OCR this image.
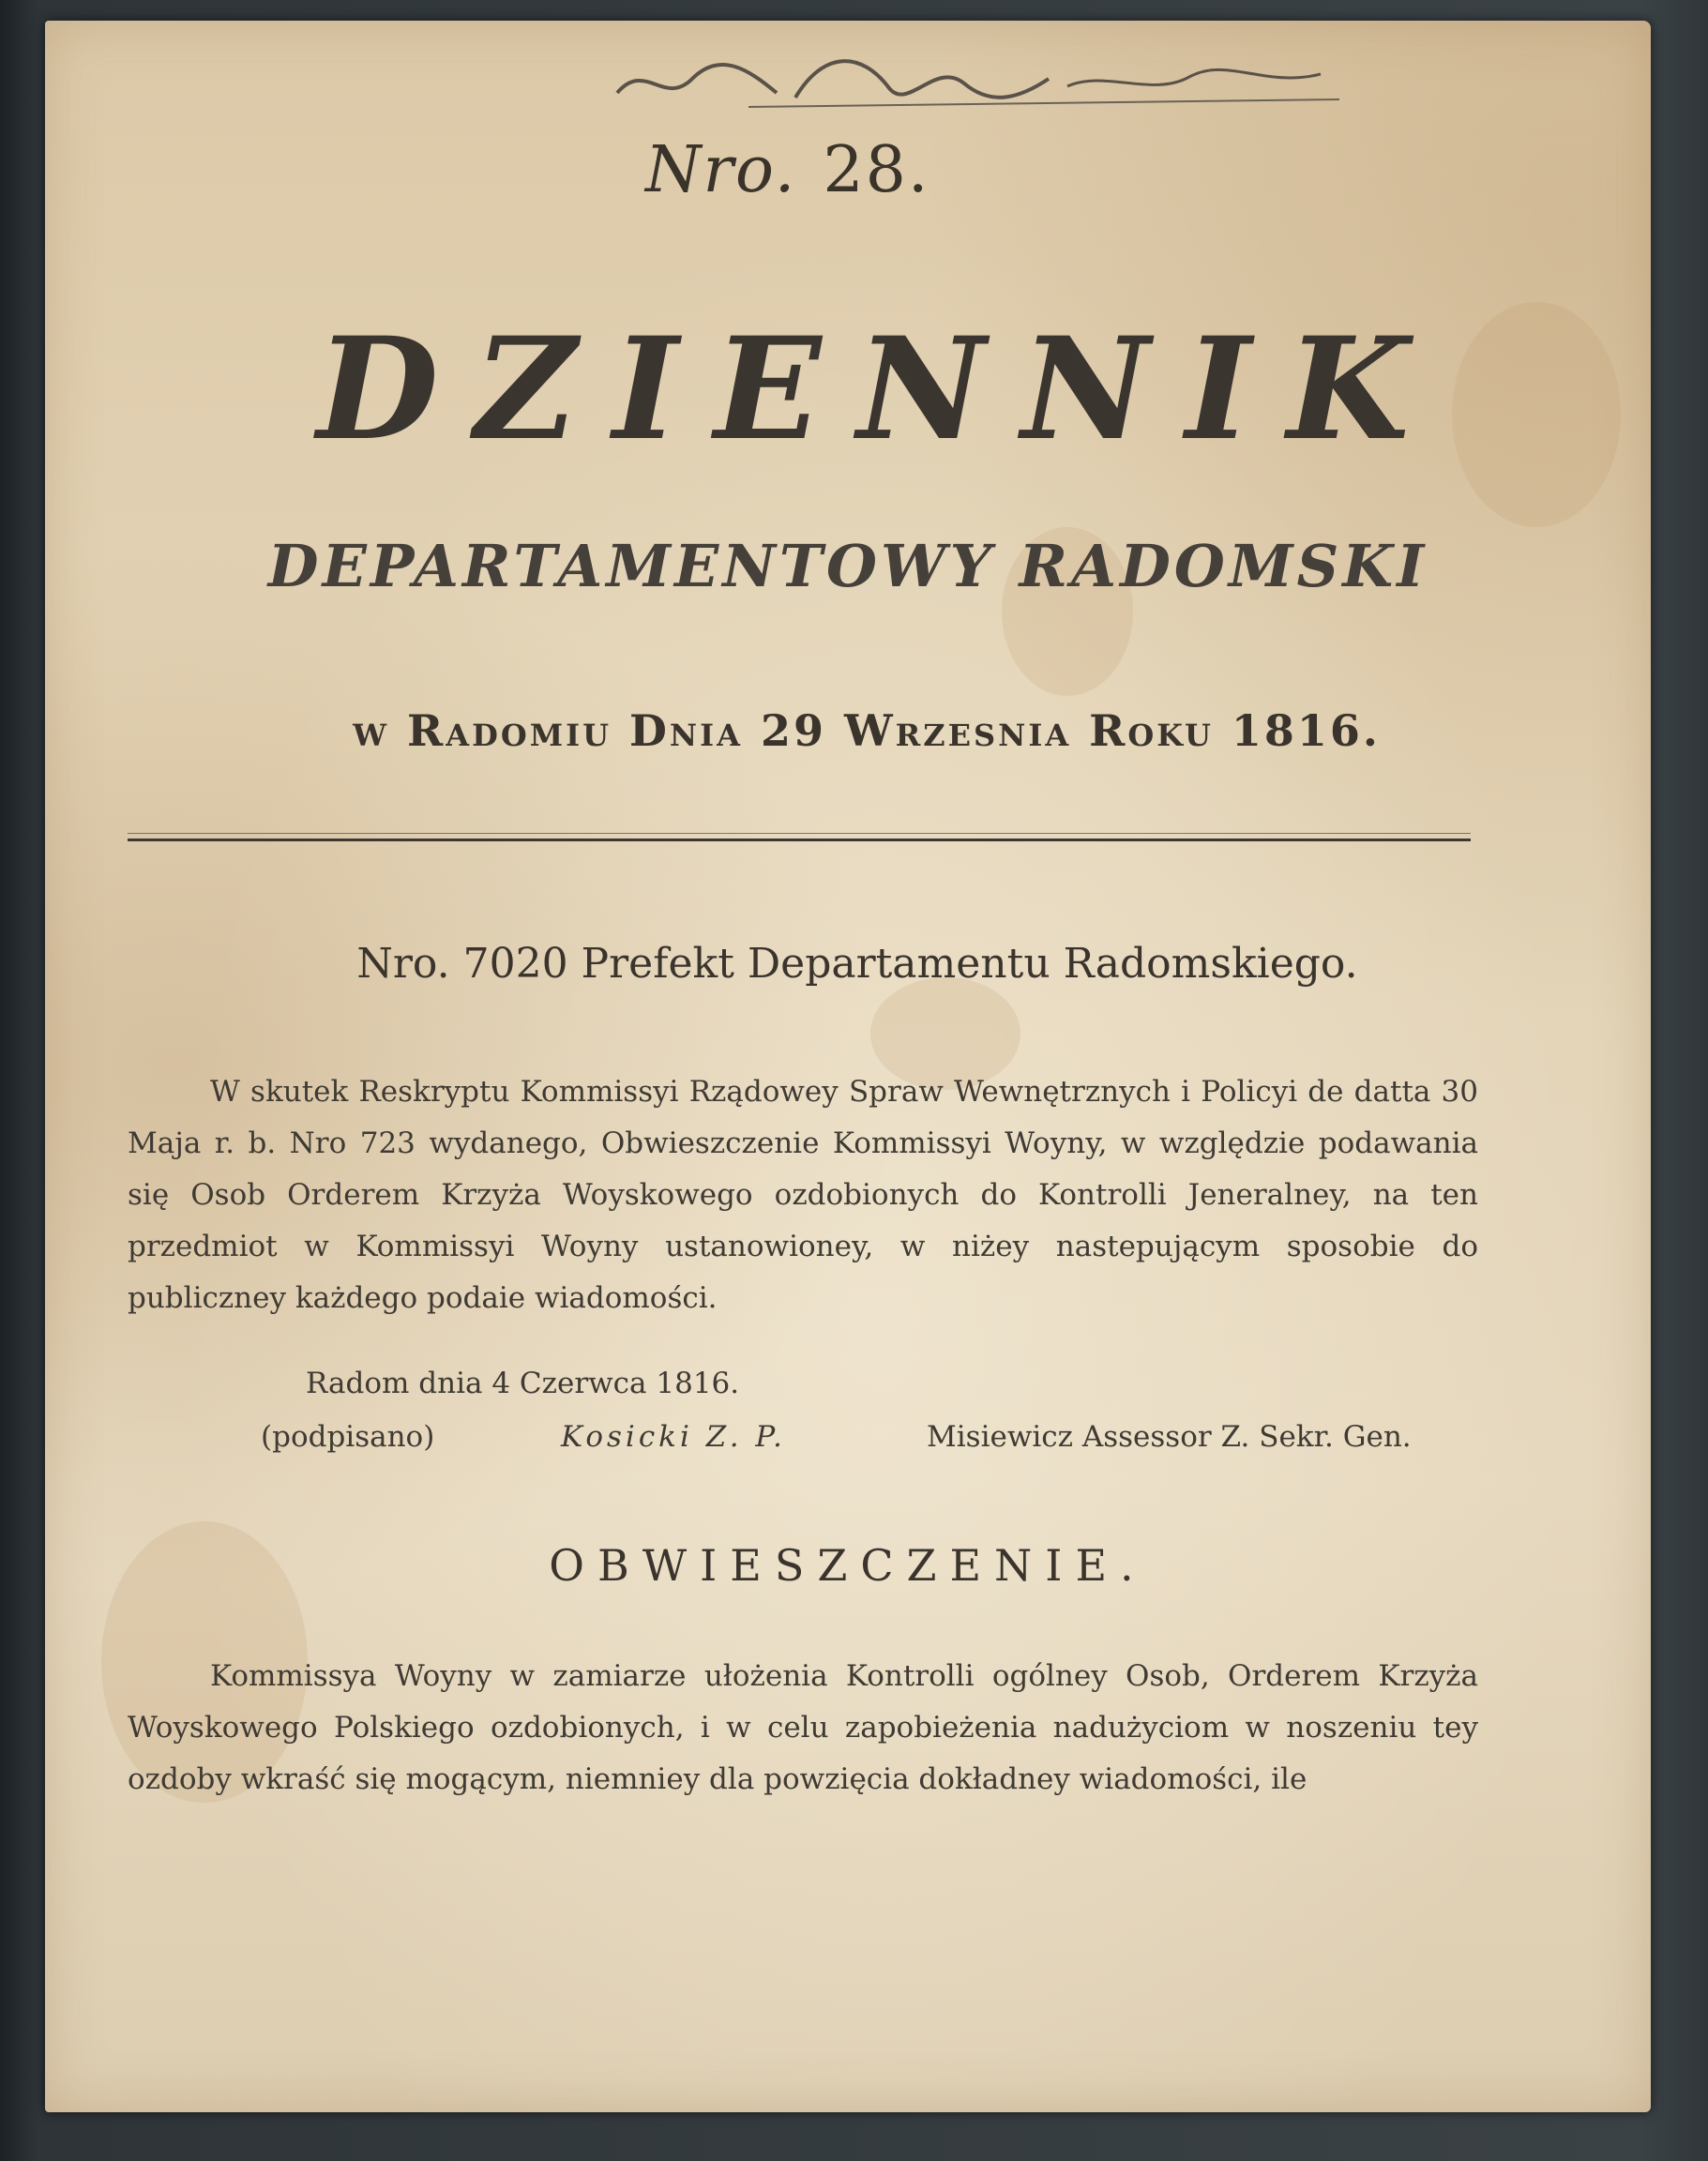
Nro. 28.
DZIENNIK
DEPARTAMENTOWY RADOMSKI
w Radomiu Dnia 29 Wrzesnia Roku 1816.
Nro. 7020 Prefekt Departamentu Radomskiego.
W skutek Reskryptu Kommissyi Rządowey Spraw Wewnętrznych i Policyi de datta 30 Maja r. b. Nro 723 wydanego, Obwieszczenie Kommissyi Woyny, w względzie podawania się Osob Orderem Krzyża Woyskowego ozdobionych do Kontrolli Jeneralney, na ten przedmiot w Kommissyi Woyny ustanowioney, w niżey nastepującym sposobie do publiczney każdego podaie wiadomości.
Radom dnia 4 Czerwca 1816.
(podpisano)	Kosicki Z. P.	Misiewicz Assessor Z. Sekr. Gen.
OBWIESZCZENIE.
Kommissya Woyny w zamiarze ułożenia Kontrolli ogólney Osob, Orderem Krzyża Woyskowego Polskiego ozdobionych, i w celu zapobieżenia nadużyciom w noszeniu tey ozdoby wkraść się mogącym, niemniey dla powzięcia dokładney wiadomości, ile
